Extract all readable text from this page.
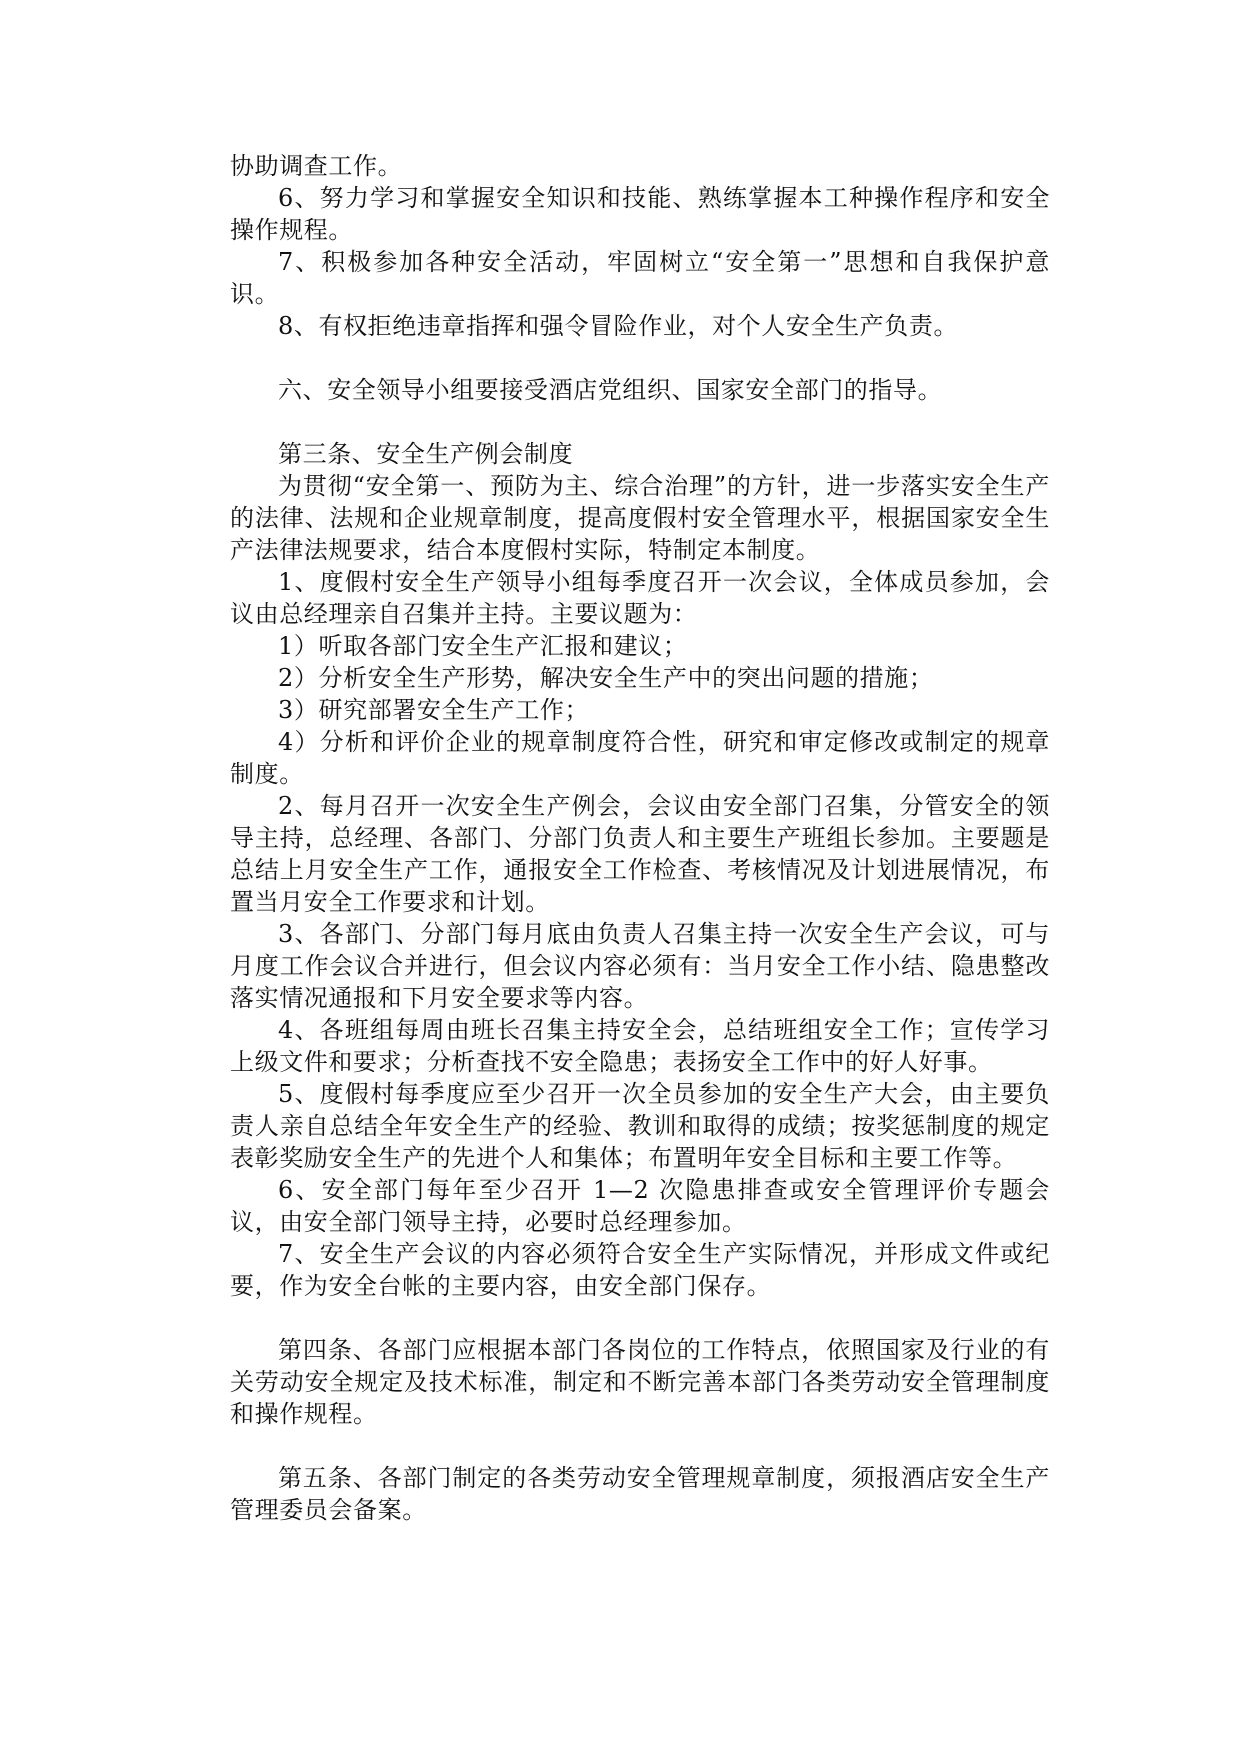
协助调查工作。

6、努力学习和掌握安全知识和技能、熟练掌握本工种操作程序和安全操作规程。

7、积极参加各种安全活动，牢固树立“安全第一”思想和自我保护意识。

8、有权拒绝违章指挥和强令冒险作业，对个人安全生产负责。

六、安全领导小组要接受酒店党组织、国家安全部门的指导。

第三条、安全生产例会制度

为贯彻“安全第一、预防为主、综合治理”的方针，进一步落实安全生产的法律、法规和企业规章制度，提高度假村安全管理水平，根据国家安全生产法律法规要求，结合本度假村实际，特制定本制度。

1、度假村安全生产领导小组每季度召开一次会议，全体成员参加，会议由总经理亲自召集并主持。主要议题为：

1）听取各部门安全生产汇报和建议；

2）分析安全生产形势，解决安全生产中的突出问题的措施；

3）研究部署安全生产工作；

4）分析和评价企业的规章制度符合性，研究和审定修改或制定的规章制度。

2、每月召开一次安全生产例会，会议由安全部门召集，分管安全的领导主持，总经理、各部门、分部门负责人和主要生产班组长参加。主要题是总结上月安全生产工作，通报安全工作检查、考核情况及计划进展情况，布置当月安全工作要求和计划。

3、各部门、分部门每月底由负责人召集主持一次安全生产会议，可与月度工作会议合并进行，但会议内容必须有：当月安全工作小结、隐患整改落实情况通报和下月安全要求等内容。

4、各班组每周由班长召集主持安全会，总结班组安全工作；宣传学习上级文件和要求；分析查找不安全隐患；表扬安全工作中的好人好事。

5、度假村每季度应至少召开一次全员参加的安全生产大会，由主要负责人亲自总结全年安全生产的经验、教训和取得的成绩；按奖惩制度的规定表彰奖励安全生产的先进个人和集体；布置明年安全目标和主要工作等。

6、安全部门每年至少召开 1—2 次隐患排查或安全管理评价专题会议，由安全部门领导主持，必要时总经理参加。

7、安全生产会议的内容必须符合安全生产实际情况，并形成文件或纪要，作为安全台帐的主要内容，由安全部门保存。

第四条、各部门应根据本部门各岗位的工作特点，依照国家及行业的有关劳动安全规定及技术标准，制定和不断完善本部门各类劳动安全管理制度和操作规程。

第五条、各部门制定的各类劳动安全管理规章制度，须报酒店安全生产管理委员会备案。
